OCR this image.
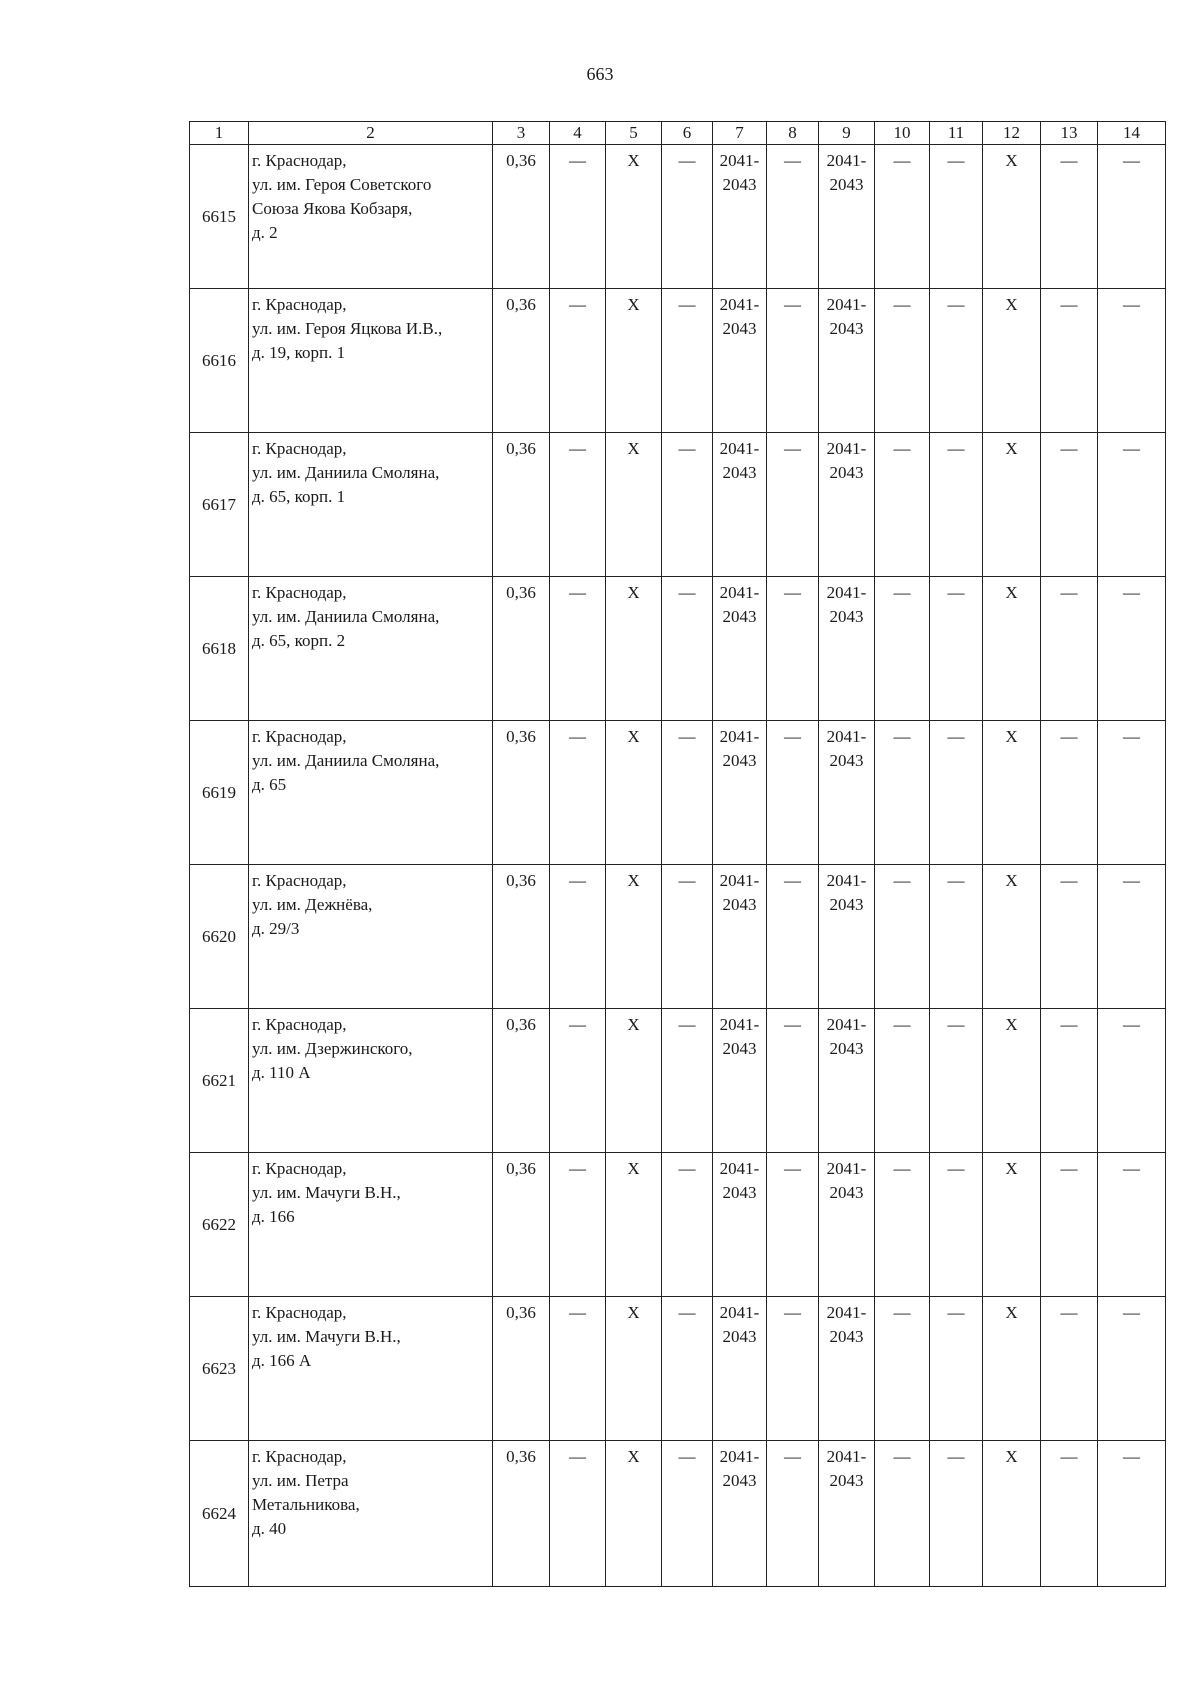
663
1	2	3	4	5	6	7	8	9	10	11	12	13	14
6615	г. Краснодар,
ул. им. Героя Советского
Союза Якова Кобзаря,
д. 2	0,36	—	X	—	2041-
2043	—	2041-
2043	—	—	X	—	—
6616	г. Краснодар,
ул. им. Героя Яцкова И.В.,
д. 19, корп. 1	0,36	—	X	—	2041-
2043	—	2041-
2043	—	—	X	—	—
6617	г. Краснодар,
ул. им. Даниила Смоляна,
д. 65, корп. 1	0,36	—	X	—	2041-
2043	—	2041-
2043	—	—	X	—	—
6618	г. Краснодар,
ул. им. Даниила Смоляна,
д. 65, корп. 2	0,36	—	X	—	2041-
2043	—	2041-
2043	—	—	X	—	—
6619	г. Краснодар,
ул. им. Даниила Смоляна,
д. 65	0,36	—	X	—	2041-
2043	—	2041-
2043	—	—	X	—	—
6620	г. Краснодар,
ул. им. Дежнёва,
д. 29/3	0,36	—	X	—	2041-
2043	—	2041-
2043	—	—	X	—	—
6621	г. Краснодар,
ул. им. Дзержинского,
д. 110 А	0,36	—	X	—	2041-
2043	—	2041-
2043	—	—	X	—	—
6622	г. Краснодар,
ул. им. Мачуги В.Н.,
д. 166	0,36	—	X	—	2041-
2043	—	2041-
2043	—	—	X	—	—
6623	г. Краснодар,
ул. им. Мачуги В.Н.,
д. 166 А	0,36	—	X	—	2041-
2043	—	2041-
2043	—	—	X	—	—
6624	г. Краснодар,
ул. им. Петра
Метальникова,
д. 40	0,36	—	X	—	2041-
2043	—	2041-
2043	—	—	X	—	—
